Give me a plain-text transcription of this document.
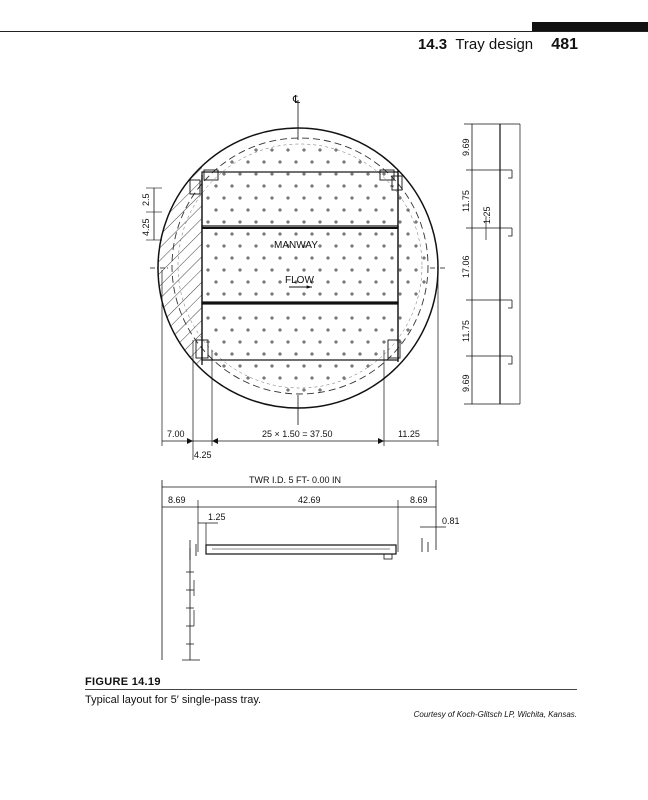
14.3 Tray design 481
℄
MANWAY
FLOW
2.5
4.25
7.00
4.25
25 × 1.50 = 37.50	11.25
9.69
11.75
17.06
11.75
9.69
1.25
TWR I.D. 5 FT- 0.00 IN
8.69	42.69	8.69
1.25	0.81
FIGURE 14.19
Typical layout for 5′ single-pass tray.
Courtesy of Koch-Glitsch LP, Wichita, Kansas.
